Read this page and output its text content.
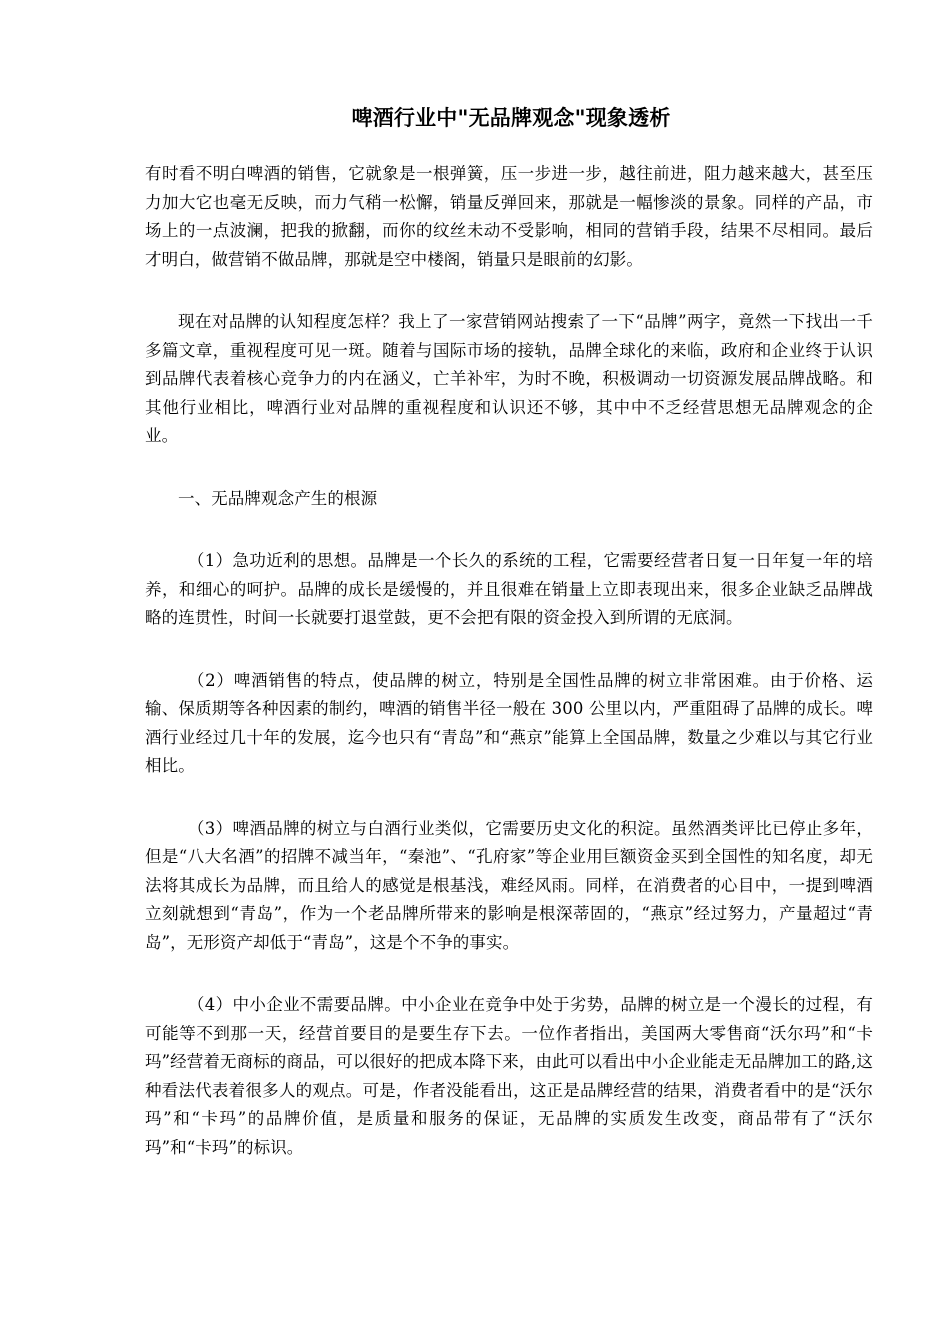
啤酒行业中"无品牌观念"现象透析

有时看不明白啤酒的销售，它就象是一根弹簧，压一步进一步，越往前进，阻力越来越大，甚至压力加大它也毫无反映，而力气稍一松懈，销量反弹回来，那就是一幅惨淡的景象。同样的产品，市场上的一点波澜，把我的掀翻，而你的纹丝未动不受影响，相同的营销手段，结果不尽相同。最后才明白，做营销不做品牌，那就是空中楼阁，销量只是眼前的幻影。

现在对品牌的认知程度怎样？我上了一家营销网站搜索了一下“品牌”两字，竟然一下找出一千多篇文章，重视程度可见一斑。随着与国际市场的接轨，品牌全球化的来临，政府和企业终于认识到品牌代表着核心竞争力的内在涵义，亡羊补牢，为时不晚，积极调动一切资源发展品牌战略。和其他行业相比，啤酒行业对品牌的重视程度和认识还不够，其中中不乏经营思想无品牌观念的企业。

一、无品牌观念产生的根源

（1）急功近利的思想。品牌是一个长久的系统的工程，它需要经营者日复一日年复一年的培养，和细心的呵护。品牌的成长是缓慢的，并且很难在销量上立即表现出来，很多企业缺乏品牌战略的连贯性，时间一长就要打退堂鼓，更不会把有限的资金投入到所谓的无底洞。

（2）啤酒销售的特点，使品牌的树立，特别是全国性品牌的树立非常困难。由于价格、运输、保质期等各种因素的制约，啤酒的销售半径一般在 300 公里以内，严重阻碍了品牌的成长。啤酒行业经过几十年的发展，迄今也只有“青岛”和“燕京”能算上全国品牌，数量之少难以与其它行业相比。

（3）啤酒品牌的树立与白酒行业类似，它需要历史文化的积淀。虽然酒类评比已停止多年，但是“八大名酒”的招牌不减当年，“秦池”、“孔府家”等企业用巨额资金买到全国性的知名度，却无法将其成长为品牌，而且给人的感觉是根基浅，难经风雨。同样，在消费者的心目中，一提到啤酒立刻就想到“青岛”，作为一个老品牌所带来的影响是根深蒂固的，“燕京”经过努力，产量超过“青岛”，无形资产却低于“青岛”，这是个不争的事实。

（4）中小企业不需要品牌。中小企业在竞争中处于劣势，品牌的树立是一个漫长的过程，有可能等不到那一天，经营首要目的是要生存下去。一位作者指出，美国两大零售商“沃尔玛”和“卡玛”经营着无商标的商品，可以很好的把成本降下来，由此可以看出中小企业能走无品牌加工的路,这种看法代表着很多人的观点。可是，作者没能看出，这正是品牌经营的结果，消费者看中的是“沃尔玛”和“卡玛”的品牌价值，是质量和服务的保证，无品牌的实质发生改变，商品带有了“沃尔玛”和“卡玛”的标识。
